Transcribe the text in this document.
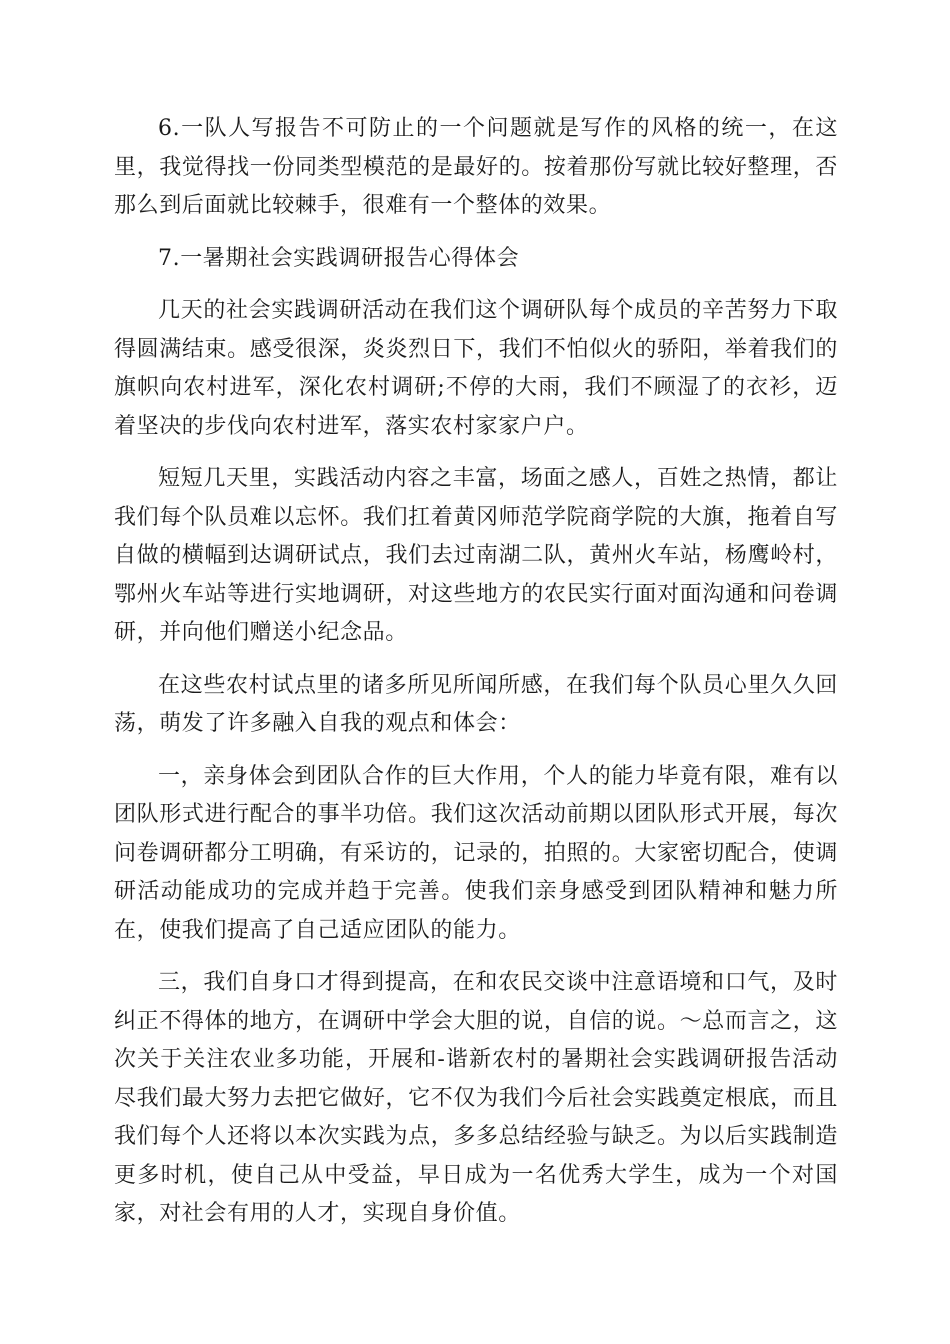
6.一队人写报告不可防止的一个问题就是写作的风格的统一，在这里，我觉得找一份同类型模范的是最好的。按着那份写就比较好整理，否那么到后面就比较棘手，很难有一个整体的效果。

7.一暑期社会实践调研报告心得体会

几天的社会实践调研活动在我们这个调研队每个成员的辛苦努力下取得圆满结束。感受很深，炎炎烈日下，我们不怕似火的骄阳，举着我们的旗帜向农村进军，深化农村调研;不停的大雨，我们不顾湿了的衣衫，迈着坚决的步伐向农村进军，落实农村家家户户。

短短几天里，实践活动内容之丰富，场面之感人，百姓之热情，都让我们每个队员难以忘怀。我们扛着黄冈师范学院商学院的大旗，拖着自写自做的横幅到达调研试点，我们去过南湖二队，黄州火车站，杨鹰岭村，鄂州火车站等进行实地调研，对这些地方的农民实行面对面沟通和问卷调研，并向他们赠送小纪念品。

在这些农村试点里的诸多所见所闻所感，在我们每个队员心里久久回荡，萌发了许多融入自我的观点和体会：

一，亲身体会到团队合作的巨大作用，个人的能力毕竟有限，难有以团队形式进行配合的事半功倍。我们这次活动前期以团队形式开展，每次问卷调研都分工明确，有采访的，记录的，拍照的。大家密切配合，使调研活动能成功的完成并趋于完善。使我们亲身感受到团队精神和魅力所在，使我们提高了自己适应团队的能力。

三，我们自身口才得到提高，在和农民交谈中注意语境和口气，及时纠正不得体的地方，在调研中学会大胆的说，自信的说。～总而言之，这次关于关注农业多功能，开展和-谐新农村的暑期社会实践调研报告活动尽我们最大努力去把它做好，它不仅为我们今后社会实践奠定根底，而且我们每个人还将以本次实践为点，多多总结经验与缺乏。为以后实践制造更多时机，使自己从中受益，早日成为一名优秀大学生，成为一个对国家，对社会有用的人才，实现自身价值。
